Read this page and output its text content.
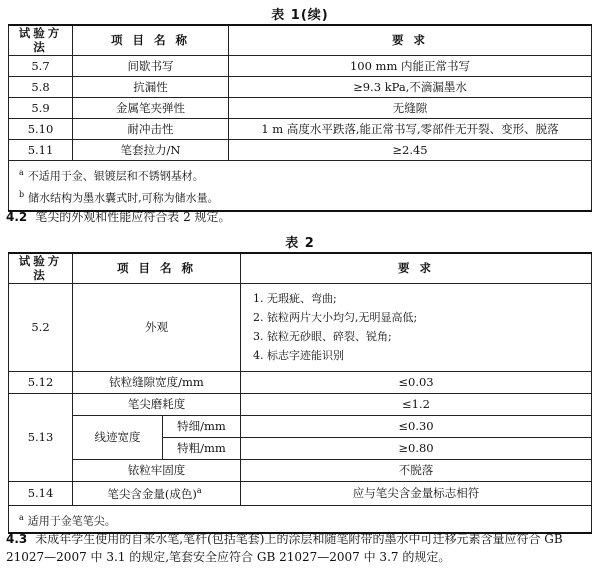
表 1(续)
试验方法	项 目 名 称	要 求
5.7	间歇书写	100 mm 内能正常书写
5.8	抗漏性	≥9.3 kPa,不滴漏墨水
5.9	金属笔夹弹性	无缝隙
5.10	耐冲击性	1 m 高度水平跌落,能正常书写,零部件无开裂、变形、脱落
5.11	笔套拉力/N	≥2.45

$^a$ 不适用于金、银镀层和不锈钢基材。
$^b$ 储水结构为墨水囊式时,可称为储水量。		
4.2 笔尖的外观和性能应符合表 2 规定。
表 2
试验方法	项 目 名 称		要 求
5.2	外观		1. 无瑕疵、弯曲;
2. 铱粒两片大小均匀,无明显高低;
3. 铱粒无砂眼、碎裂、锐角;
4. 标志字迹能识别

5.12	铱粒缝隙宽度/mm		≤0.03
5.13	笔尖磨耗度		≤1.2
	线迹宽度	特细/mm	≤0.30
		特粗/mm	≥0.80
	铱粒牢固度		不脱落
5.14	笔尖含金量(成色)$^a$		应与笔尖含金量标志相符

$^a$ 适用于金笔笔尖。			
4.3 未成年学生使用的自来水笔,笔杆(包括笔套)上的涂层和随笔附带的墨水中可迁移元素含量应符合 GB 21027—2007 中 3.1 的规定,笔套安全应符合 GB 21027—2007 中 3.7 的规定。
